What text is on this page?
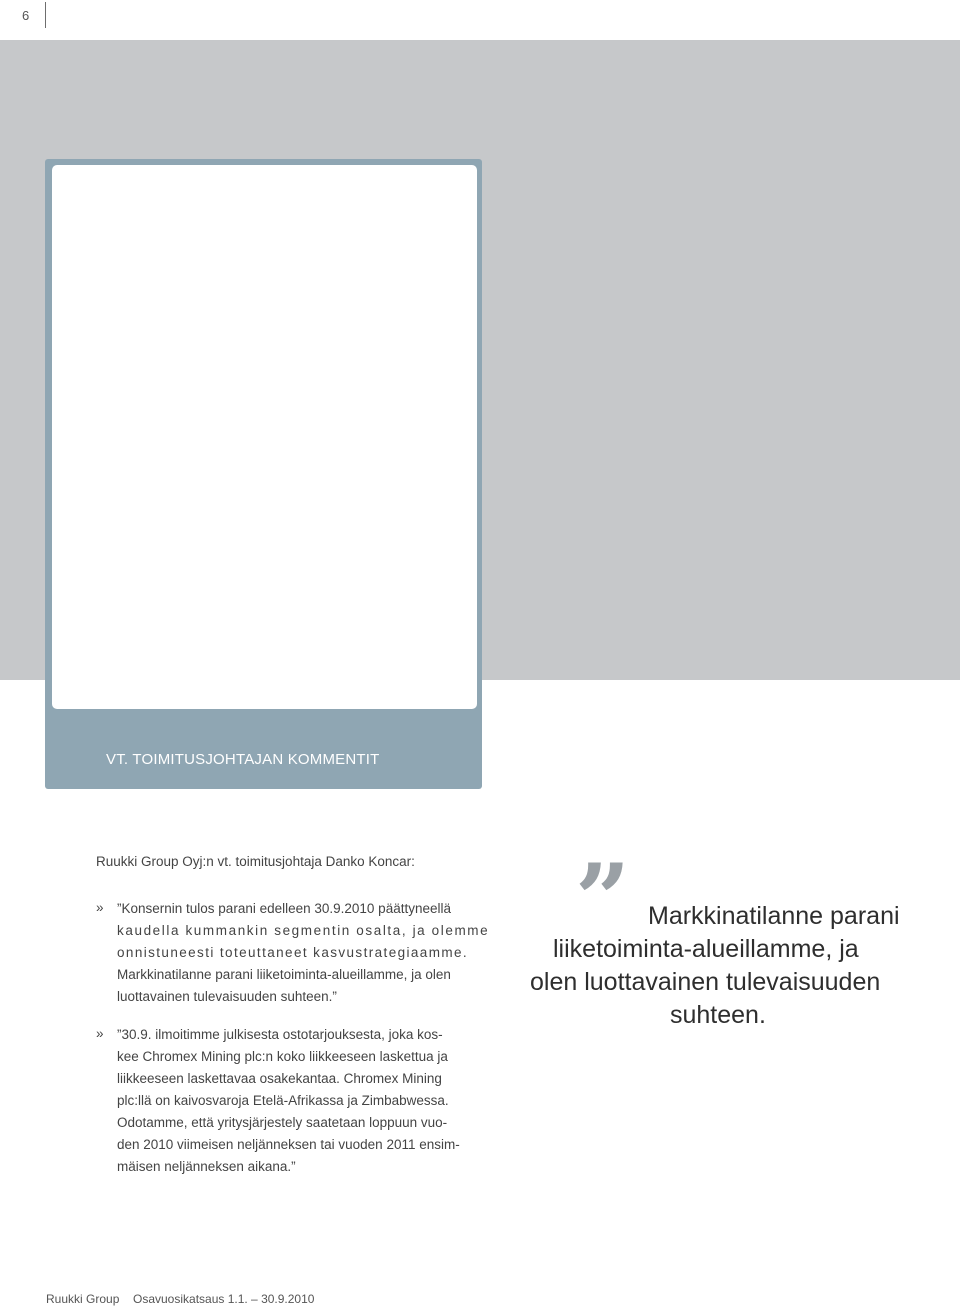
6
VT. TOIMITUSJOHTAJAN KOMMENTIT
Ruukki Group Oyj:n vt. toimitusjohtaja Danko Koncar:
» ”Konsernin tulos parani edelleen 30.9.2010 päättyneellä
kaudella kummankin segmentin osalta, ja olemme
onnistuneesti toteuttaneet kasvustrategiaamme.
Markkinatilanne parani liiketoiminta-alueillamme, ja olen
luottavainen tulevaisuuden suhteen.”
» ”30.9. ilmoitimme julkisesta ostotarjouksesta, joka kos-
kee Chromex Mining plc:n koko liikkeeseen laskettua ja
liikkeeseen laskettavaa osakekantaa. Chromex Mining
plc:llä on kaivosvaroja Etelä-Afrikassa ja Zimbabwessa.
Odotamme, että yritysjärjestely saatetaan loppuun vuo-
den 2010 viimeisen neljänneksen tai vuoden 2011 ensim-
mäisen neljänneksen aikana.”
” Markkinatilanne parani
liiketoiminta-alueillamme, ja
olen luottavainen tulevaisuuden
suhteen.
Ruukki Group Osavuosikatsaus 1.1. – 30.9.2010
